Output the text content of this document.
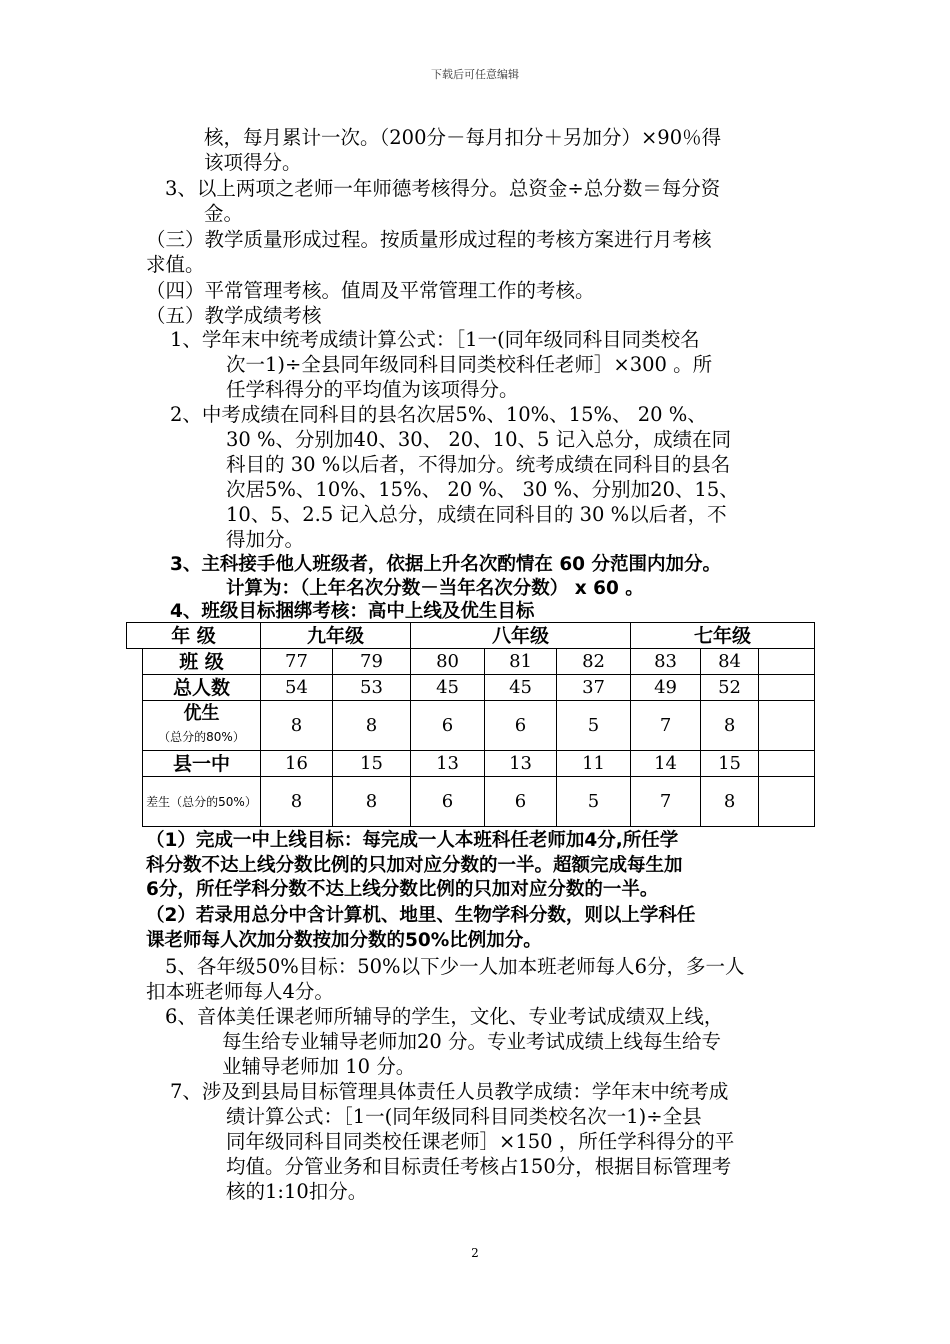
下载后可任意编辑
核，每月累计一次。（200分－每月扣分＋另加分）×90％得
该项得分。
3、以上两项之老师一年师德考核得分。总资金÷总分数＝每分资
金。
（三）教学质量形成过程。按质量形成过程的考核方案进行月考核
求值。
（四）平常管理考核。值周及平常管理工作的考核。
（五）教学成绩考核
1、学年末中统考成绩计算公式：［1一(同年级同科目同类校名
次一1)÷全县同年级同科目同类校科任老师］×300 。所
任学科得分的平均值为该项得分。
2、中考成绩在同科目的县名次居5%、10%、15%、 20 %、
30 %、分别加40、30、 20、10、5 记入总分，成绩在同
科目的 30 %以后者，不得加分。统考成绩在同科目的县名
次居5%、10%、15%、 20 %、 30 %、分别加20、15、
10、5、2.5 记入总分，成绩在同科目的 30 %以后者，不
得加分。
3、主科接手他人班级者，依据上升名次酌情在 60 分范围内加分。
计算为：（上年名次分数－当年名次分数） x 60 。
4、班级目标捆绑考核：高中上线及优生目标
年 级		九年级		八年级			七年级		
	班 级	77	79	80	81	82	83	84	
	总人数	54	53	45	45	37	49	52	
	优生（总分的80%）	8	8	6	6	5	7	8	
	县一中	16	15	13	13	11	14	15	
	差生（总分的50%）	8	8	6	6	5	7	8	
（1）完成一中上线目标：每完成一人本班科任老师加4分,所任学
科分数不达上线分数比例的只加对应分数的一半。超额完成每生加
6分，所任学科分数不达上线分数比例的只加对应分数的一半。
（2）若录用总分中含计算机、地里、生物学科分数，则以上学科任
课老师每人次加分数按加分数的50%比例加分。
5、各年级50%目标：50%以下少一人加本班老师每人6分，多一人
扣本班老师每人4分。
6、音体美任课老师所辅导的学生，文化、专业考试成绩双上线，
每生给专业辅导老师加20 分。专业考试成绩上线每生给专
业辅导老师加 10 分。
7、涉及到县局目标管理具体责任人员教学成绩：学年末中统考成
绩计算公式：［1一(同年级同科目同类校名次一1)÷全县
同年级同科目同类校任课老师］×150 ，所任学科得分的平
均值。分管业务和目标责任考核占150分，根据目标管理考
核的1:10扣分。
2
